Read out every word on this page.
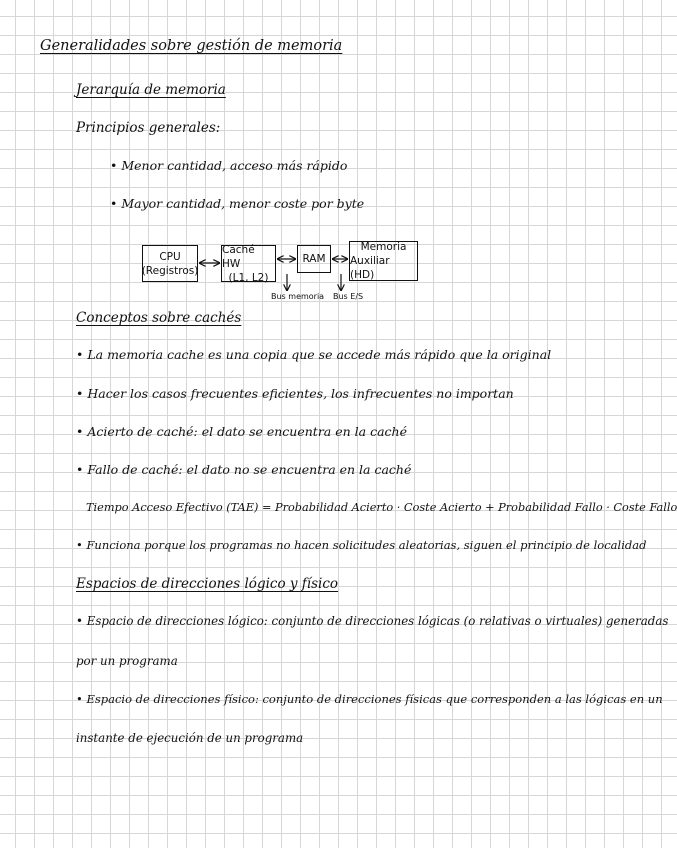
Generalidades sobre gestión de memoria
Jerarquía de memoria
Principios generales:
• Menor cantidad, acceso más rápido
• Mayor cantidad, menor coste por byte
CPU
(Registros)
Caché HW
(L1, L2)
RAM
Memoria
Auxiliar (HD)
Bus memoria Bus E/S
Conceptos sobre cachés
• La memoria cache es una copia que se accede más rápido que la original
• Hacer los casos frecuentes eficientes, los infrecuentes no importan
• Acierto de caché: el dato se encuentra en la caché
• Fallo de caché: el dato no se encuentra en la caché
Tiempo Acceso Efectivo (TAE) = Probabilidad Acierto · Coste Acierto + Probabilidad Fallo · Coste Fallo
• Funciona porque los programas no hacen solicitudes aleatorias, siguen el principio de localidad
Espacios de direcciones lógico y físico
• Espacio de direcciones lógico: conjunto de direcciones lógicas (o relativas o virtuales) generadas
por un programa
• Espacio de direcciones físico: conjunto de direcciones físicas que corresponden a las lógicas en un
instante de ejecución de un programa
